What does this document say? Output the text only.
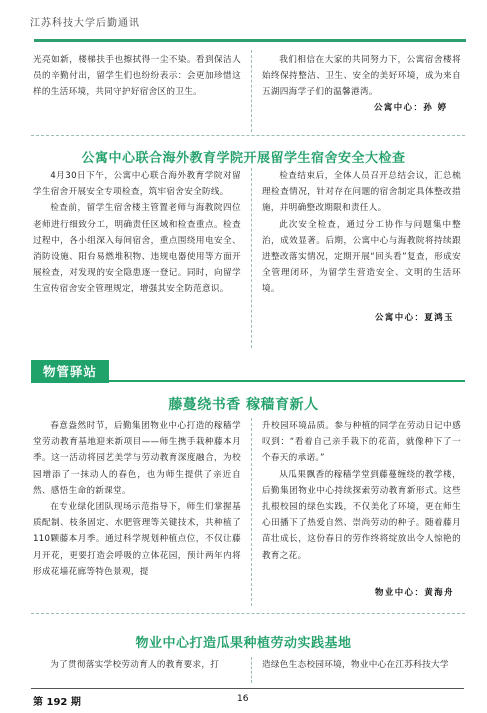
江苏科技大学后勤通讯
光亮如新，楼梯扶手也擦拭得一尘不染。看到保洁人员的辛勤付出，留学生们也纷纷表示：会更加珍惜这样的生活环境，共同守护好宿舍区的卫生。
我们相信在大家的共同努力下，公寓宿舍楼将始终保持整洁、卫生、安全的美好环境，成为来自五湖四海学子们的温馨港湾。
公寓中心：孙 婷
公寓中心联合海外教育学院开展留学生宿舍安全大检查

4月30日下午，公寓中心联合海外教育学院对留学生宿舍开展安全专项检查，筑牢宿舍安全防线。

检查前，留学生宿舍楼主管置老师与海教院四位老师进行细致分工，明确责任区域和检查重点。检查过程中，各小组深入每间宿舍，重点围绕用电安全、消防设施、阳台易燃堆积物、违规电器使用等方面开展检查，对发现的安全隐患逐一登记。同时，向留学生宣传宿舍安全管理规定，增强其安全防范意识。

检查结束后，全体人员召开总结会议，汇总梳理检查情况，针对存在问题的宿舍制定具体整改措施，并明确整改期限和责任人。

此次安全检查，通过分工协作与问题集中整治，成效显著。后期，公寓中心与海教院将持续跟进整改落实情况，定期开展“回头看”复查，形成安全管理闭环，为留学生营造安全、文明的生活环境。

公寓中心：夏鸿玉
物管驿站
藤蔓绕书香 稼穑育新人

春意盎然时节，后勤集团物业中心打造的稼穑学堂劳动教育基地迎来新项目——师生携手栽种藤本月季。这一活动将园艺美学与劳动教育深度融合，为校园增添了一抹动人的春色，也为师生提供了亲近自然、感悟生命的新课堂。

在专业绿化团队现场示范指导下，师生们掌握基质配制、枝条固定、水肥管理等关键技术，共种植了110颗藤本月季。通过科学规划种植点位，不仅让藤月开花，更要打造会呼吸的立体花园，预计两年内将形成花墙花廊等特色景观，提

升校园环境品质。参与种植的同学在劳动日记中感叹到：“看着自己亲手栽下的花苗，就像种下了一个春天的承诺。”

从瓜果飘香的稼穑学堂到藤蔓缠绕的教学楼，后勤集团物业中心持续探索劳动教育新形式。这些扎根校园的绿色实践，不仅美化了环境，更在师生心田播下了热爱自然、崇尚劳动的种子。随着藤月苗壮成长，这份春日的劳作终将绽放出令人惊艳的教育之花。

物业中心：黄海舟
物业中心打造瓜果种植劳动实践基地
为了贯彻落实学校劳动育人的教育要求，打	造绿色生态校园环境，物业中心在江苏科技大学
第 192 期	16
